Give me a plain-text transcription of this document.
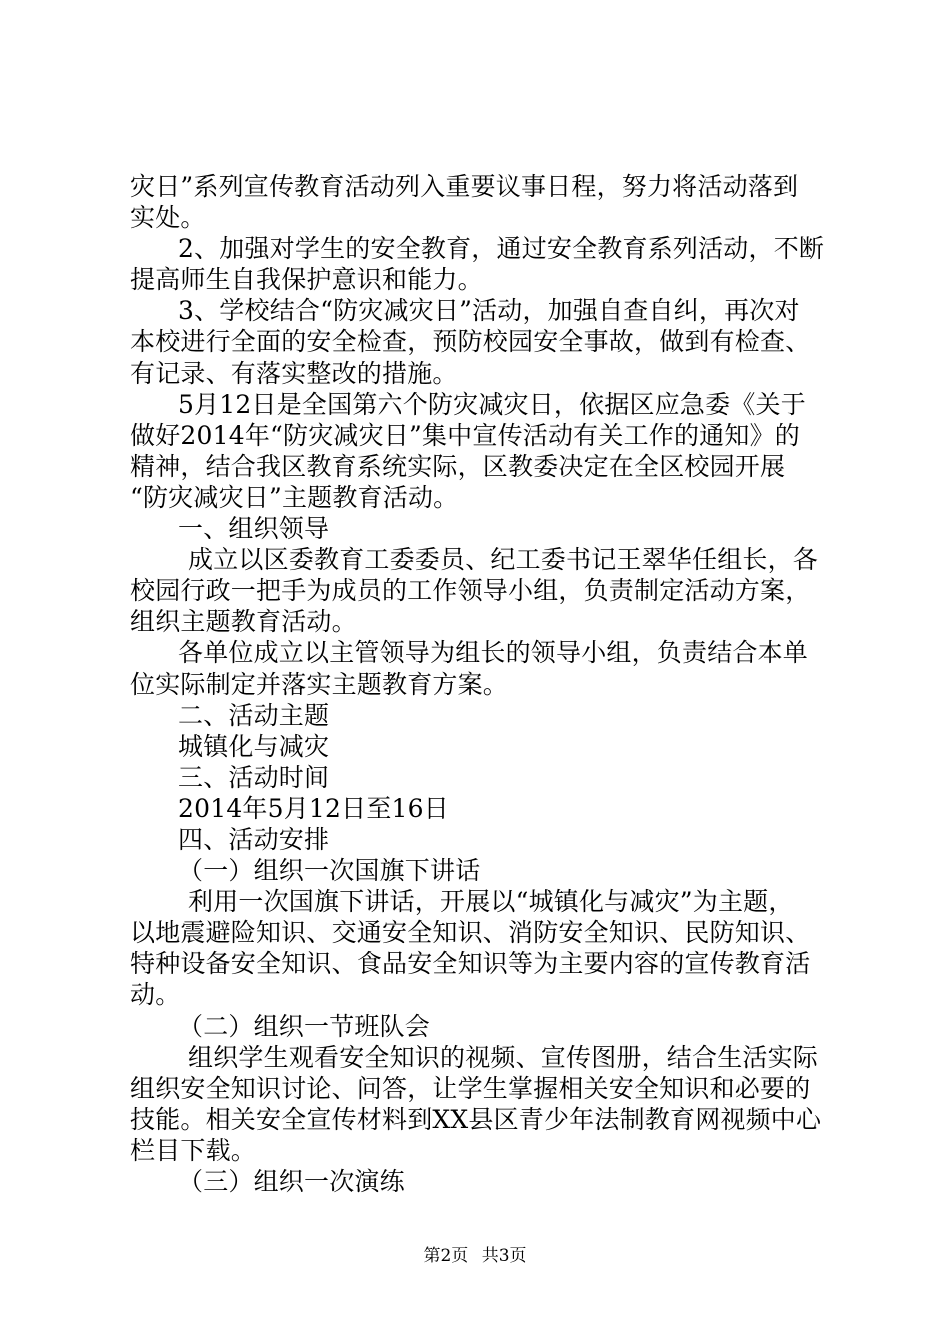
灾日”系列宣传教育活动列入重要议事日程，努力将活动落到
实处。
2、加强对学生的安全教育，通过安全教育系列活动，不断
提高师生自我保护意识和能力。
3、学校结合“防灾减灾日”活动，加强自查自纠，再次对
本校进行全面的安全检查，预防校园安全事故，做到有检查、
有记录、有落实整改的措施。
5月12日是全国第六个防灾减灾日，依据区应急委《关于
做好2014年“防灾减灾日”集中宣传活动有关工作的通知》的
精神，结合我区教育系统实际，区教委决定在全区校园开展
“防灾减灾日”主题教育活动。
一、组织领导
成立以区委教育工委委员、纪工委书记王翠华任组长，各
校园行政一把手为成员的工作领导小组，负责制定活动方案，
组织主题教育活动。
各单位成立以主管领导为组长的领导小组，负责结合本单
位实际制定并落实主题教育方案。
二、活动主题
城镇化与减灾
三、活动时间
2014年5月12日至16日
四、活动安排
（一）组织一次国旗下讲话
利用一次国旗下讲话，开展以“城镇化与减灾”为主题，
以地震避险知识、交通安全知识、消防安全知识、民防知识、
特种设备安全知识、食品安全知识等为主要内容的宣传教育活
动。
（二）组织一节班队会
组织学生观看安全知识的视频、宣传图册，结合生活实际
组织安全知识讨论、问答，让学生掌握相关安全知识和必要的
技能。相关安全宣传材料到XX县区青少年法制教育网视频中心
栏目下载。
（三）组织一次演练
第2页 共3页
